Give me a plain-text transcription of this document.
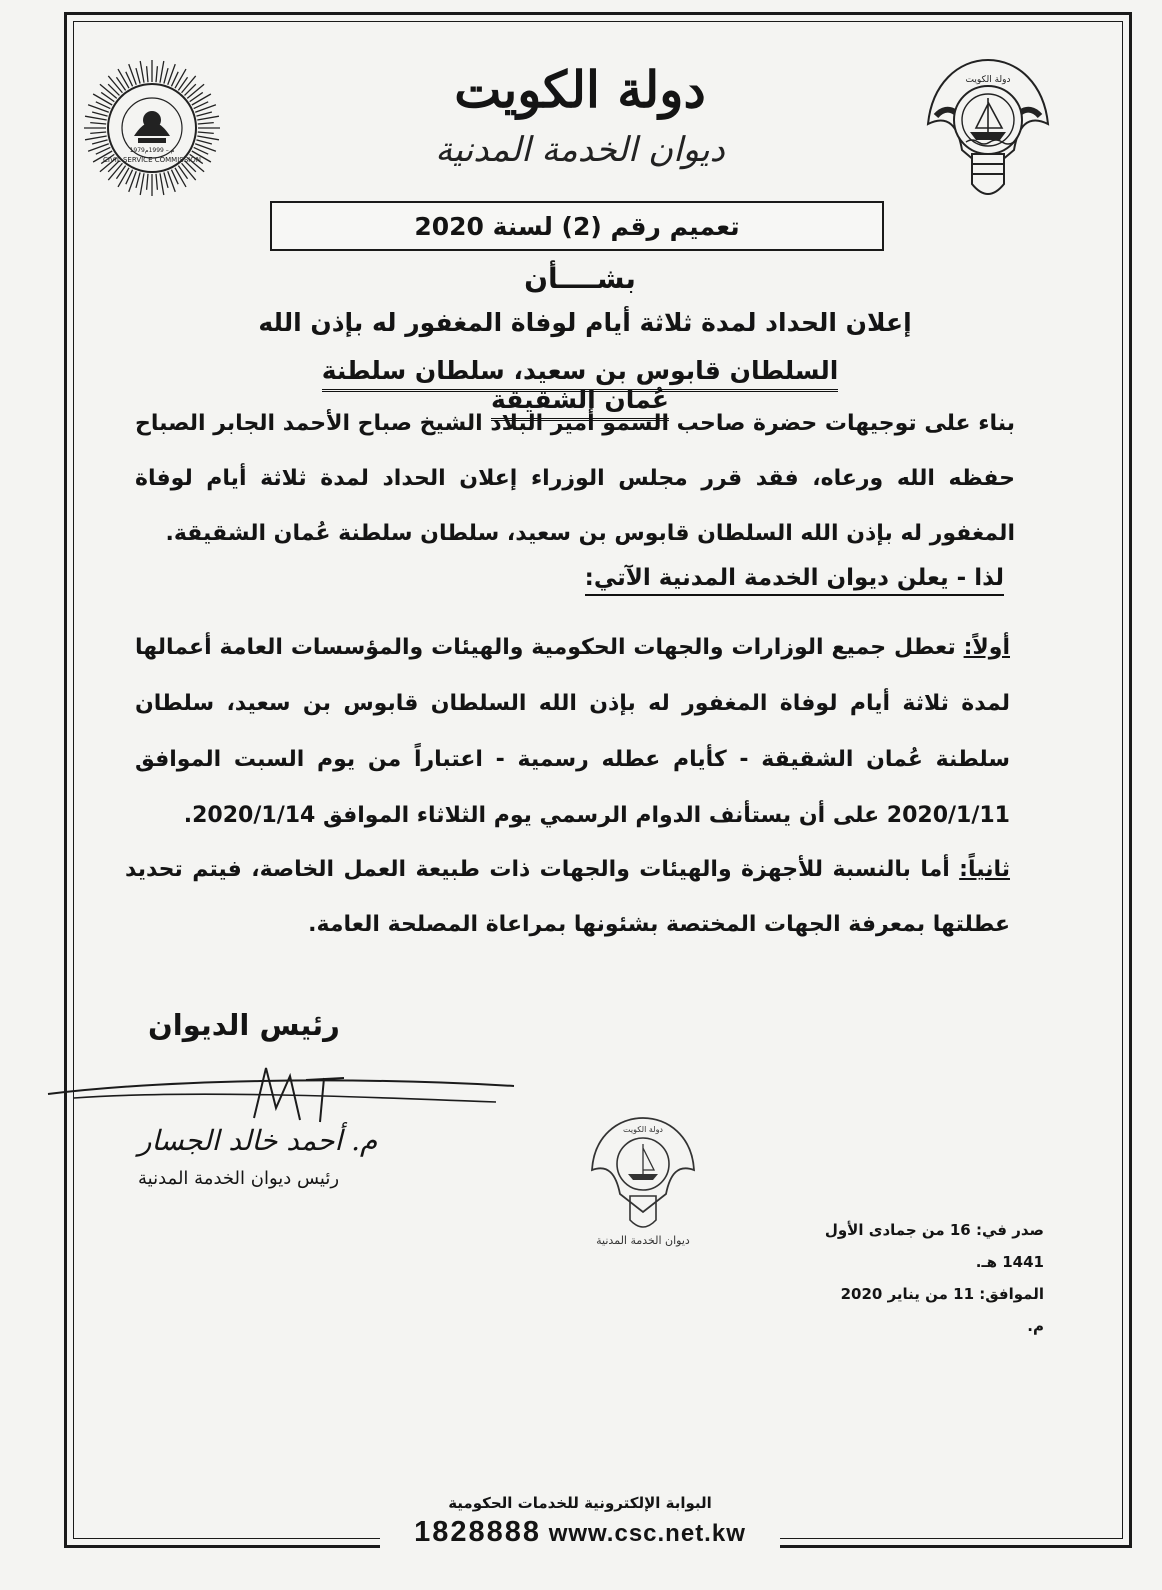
CIVIL SERVICE COMMISSION
1979م – 1999م
دولة الكويت
دولة الكويت
ديوان الخدمة المدنية
تعميم رقم (2) لسنة 2020
بشــــأن
إعلان الحداد لمدة ثلاثة أيام لوفاة المغفور له بإذن الله
السلطان قابوس بن سعيد، سلطان سلطنة عُمان الشقيقة
بناء على توجيهات حضرة صاحب السمو أمير البلاد الشيخ صباح الأحمد الجابر الصباح حفظه الله ورعاه، فقد قرر مجلس الوزراء إعلان الحداد لمدة ثلاثة أيام لوفاة المغفور له بإذن الله السلطان قابوس بن سعيد، سلطان سلطنة عُمان الشقيقة.
لذا - يعلن ديوان الخدمة المدنية الآتي:
أولاً: تعطل جميع الوزارات والجهات الحكومية والهيئات والمؤسسات العامة أعمالها لمدة ثلاثة أيام لوفاة المغفور له بإذن الله السلطان قابوس بن سعيد، سلطان سلطنة عُمان الشقيقة - كأيام عطله رسمية - اعتباراً من يوم السبت الموافق 2020/1/11 على أن يستأنف الدوام الرسمي يوم الثلاثاء الموافق 2020/1/14.
ثانياً: أما بالنسبة للأجهزة والهيئات والجهات ذات طبيعة العمل الخاصة، فيتم تحديد عطلتها بمعرفة الجهات المختصة بشئونها بمراعاة المصلحة العامة.
رئيس الديوان
م. أحمد خالد الجسار
رئيس ديوان الخدمة المدنية
دولة الكويت
ديوان الخدمة المدنية
صدر في: 16 من جمادى الأول 1441 هـ.
الموافق: 11 من يناير 2020 م.
البوابة الإلكترونية للخدمات الحكومية
1828888 www.csc.net.kw
